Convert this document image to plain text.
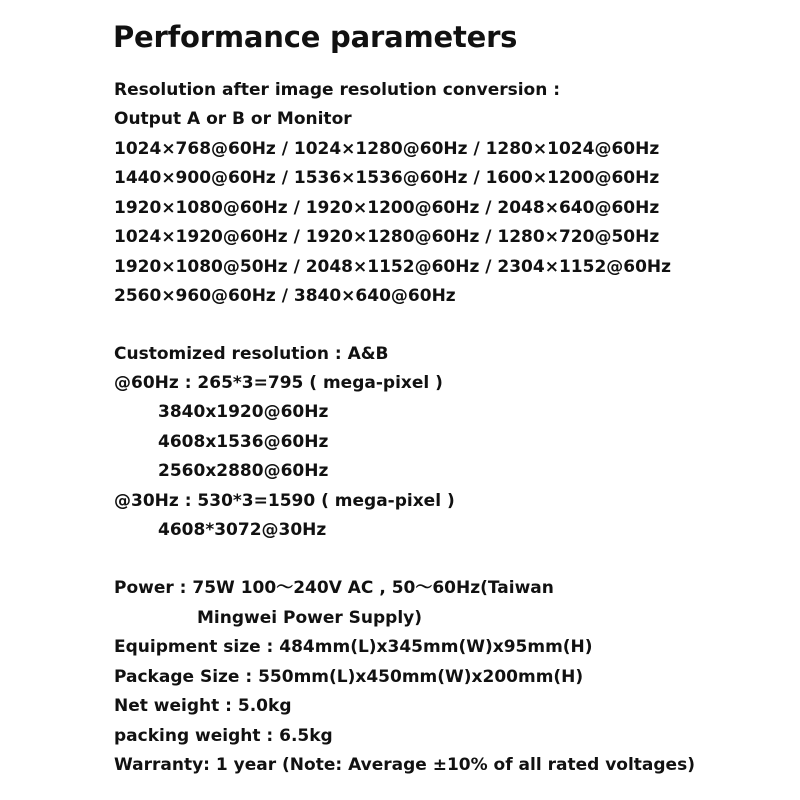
Performance parameters
Resolution after image resolution conversion :
Output A or B or Monitor
1024×768@60Hz / 1024×1280@60Hz / 1280×1024@60Hz
1440×900@60Hz / 1536×1536@60Hz / 1600×1200@60Hz
1920×1080@60Hz / 1920×1200@60Hz / 2048×640@60Hz
1024×1920@60Hz / 1920×1280@60Hz / 1280×720@50Hz
1920×1080@50Hz / 2048×1152@60Hz / 2304×1152@60Hz
2560×960@60Hz / 3840×640@60Hz
Customized resolution : A&B
@60Hz : 265*3=795 ( mega-pixel )
3840x1920@60Hz
4608x1536@60Hz
2560x2880@60Hz
@30Hz : 530*3=1590 ( mega-pixel )
4608*3072@30Hz
Power : 75W 100～240V AC , 50～60Hz(Taiwan
Mingwei Power Supply)
Equipment size : 484mm(L)x345mm(W)x95mm(H)
Package Size : 550mm(L)x450mm(W)x200mm(H)
Net weight : 5.0kg
packing weight : 6.5kg
Warranty: 1 year (Note: Average ±10% of all rated voltages)
